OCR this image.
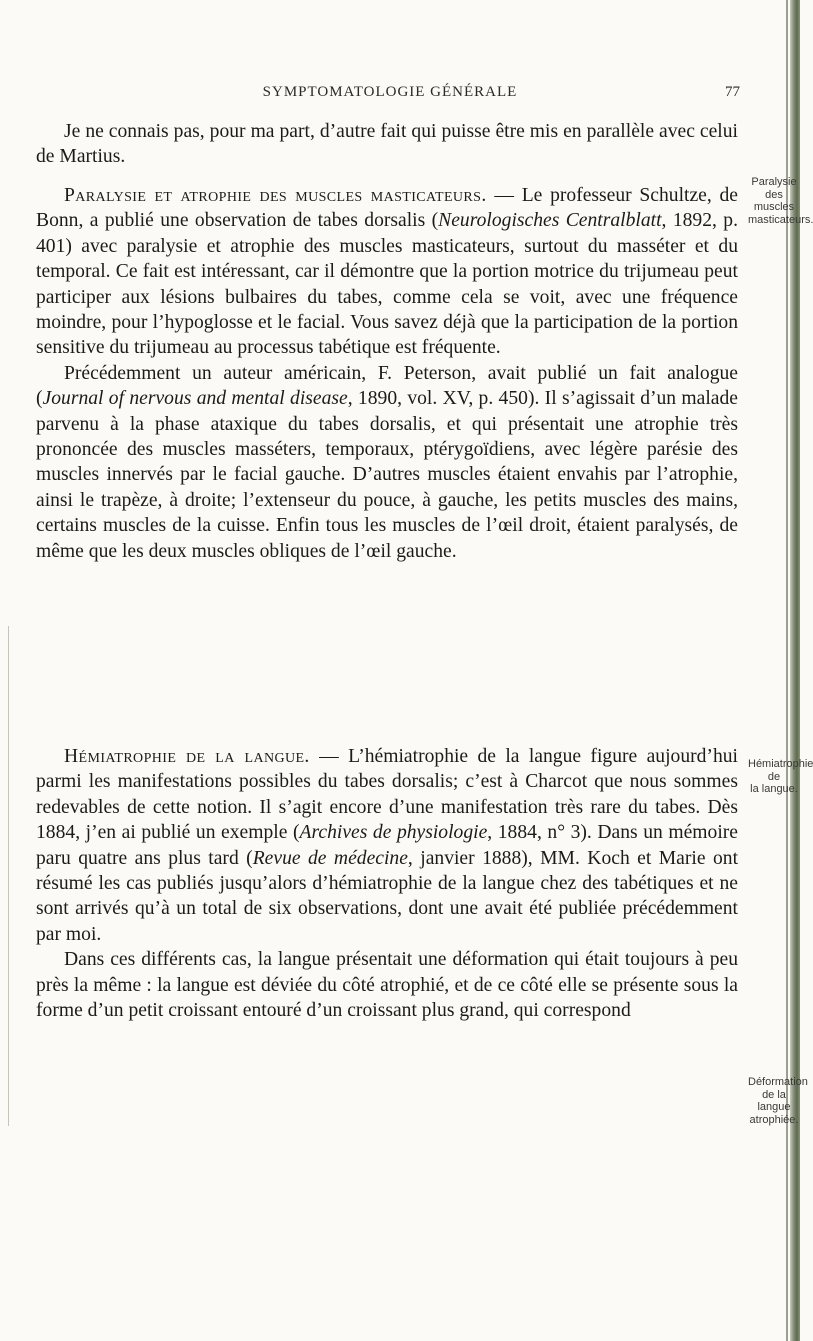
SYMPTOMATOLOGIE GÉNÉRALE	77

Je ne connais pas, pour ma part, d’autre fait qui puisse être mis en parallèle avec celui de Martius.

Paralysie et atrophie des muscles masticateurs. — Le professeur Schultze, de Bonn, a publié une observation de tabes dorsalis (Neurologisches Centralblatt, 1892, p. 401) avec paralysie et atrophie des muscles masticateurs, surtout du masséter et du temporal. Ce fait est intéressant, car il démontre que la portion motrice du trijumeau peut participer aux lésions bulbaires du tabes, comme cela se voit, avec une fréquence moindre, pour l’hypoglosse et le facial. Vous savez déjà que la participation de la portion sensitive du trijumeau au processus tabétique est fréquente.

Précédemment un auteur américain, F. Peterson, avait publié un fait analogue (Journal of nervous and mental disease, 1890, vol. XV, p. 450). Il s’agissait d’un malade parvenu à la phase ataxique du tabes dorsalis, et qui présentait une atrophie très prononcée des muscles masséters, temporaux, ptérygoïdiens, avec légère parésie des muscles innervés par le facial gauche. D’autres muscles étaient envahis par l’atrophie, ainsi le trapèze, à droite; l’extenseur du pouce, à gauche, les petits muscles des mains, certains muscles de la cuisse. Enfin tous les muscles de l’œil droit, étaient paralysés, de même que les deux muscles obliques de l’œil gauche.

Hémiatrophie de la langue. — L’hémiatrophie de la langue figure aujourd’hui parmi les manifestations possibles du tabes dorsalis; c’est à Charcot que nous sommes redevables de cette notion. Il s’agit encore d’une manifestation très rare du tabes. Dès 1884, j’en ai publié un exemple (Archives de physiologie, 1884, n° 3). Dans un mémoire paru quatre ans plus tard (Revue de médecine, janvier 1888), MM. Koch et Marie ont résumé les cas publiés jusqu’alors d’hémiatrophie de la langue chez des tabétiques et ne sont arrivés qu’à un total de six observations, dont une avait été publiée précédemment par moi.

Dans ces différents cas, la langue présentait une déformation qui était toujours à peu près la même : la langue est déviée du côté atrophié, et de ce côté elle se présente sous la forme d’un petit croissant entouré d’un croissant plus grand, qui correspond

Paralysie
des muscles
masticateurs.
Hémiatrophie
de
la langue.
Déformation
de la langue
atrophiée.
